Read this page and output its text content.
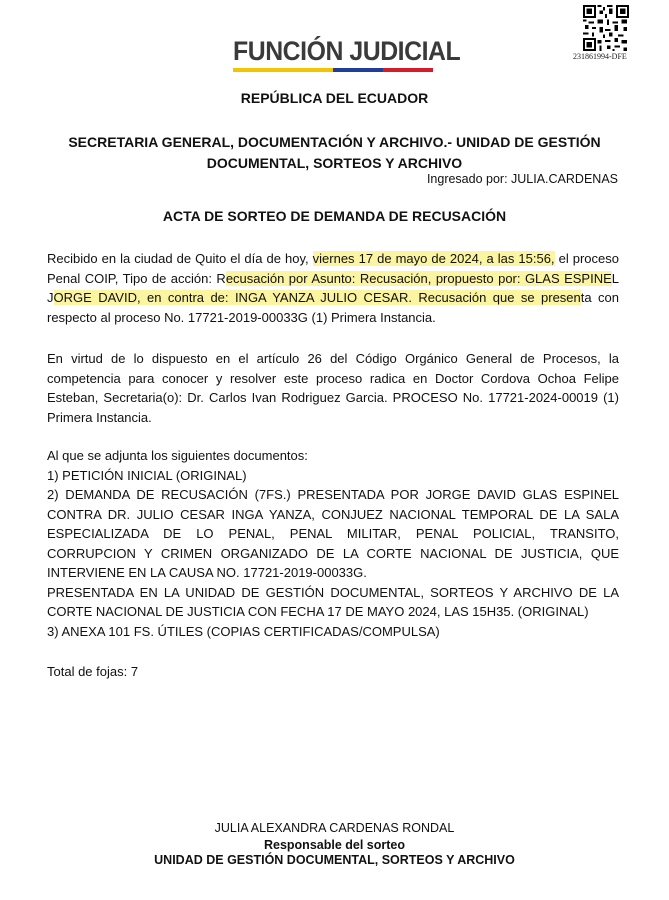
FUNCIÓN JUDICIAL	231861994-DFE
REPÚBLICA DEL ECUADOR
SECRETARIA GENERAL, DOCUMENTACIÓN Y ARCHIVO.- UNIDAD DE GESTIÓN
DOCUMENTAL, SORTEOS Y ARCHIVO
Ingresado por: JULIA.CARDENAS
ACTA DE SORTEO DE DEMANDA DE RECUSACIÓN
Recibido en la ciudad de Quito el día de hoy, viernes 17 de mayo de 2024, a las 15:56, el proceso Penal COIP, Tipo de acción: Recusación por Asunto: Recusación, propuesto por: GLAS ESPINEL JORGE DAVID, en contra de: INGA YANZA JULIO CESAR. Recusación que se presenta con respecto al proceso No. 17721-2019-00033G (1) Primera Instancia.
En virtud de lo dispuesto en el artículo 26 del Código Orgánico General de Procesos, la competencia para conocer y resolver este proceso radica en Doctor Cordova Ochoa Felipe Esteban, Secretaria(o): Dr. Carlos Ivan Rodriguez Garcia. PROCESO No. 17721-2024-00019 (1) Primera Instancia.
Al que se adjunta los siguientes documentos:
1) PETICIÓN INICIAL (ORIGINAL)
2) DEMANDA DE RECUSACIÓN (7FS.) PRESENTADA POR JORGE DAVID GLAS ESPINEL
CONTRA DR. JULIO CESAR INGA YANZA, CONJUEZ NACIONAL TEMPORAL DE LA SALA
ESPECIALIZADA DE LO PENAL, PENAL MILITAR, PENAL POLICIAL, TRANSITO,
CORRUPCION Y CRIMEN ORGANIZADO DE LA CORTE NACIONAL DE JUSTICIA, QUE
INTERVIENE EN LA CAUSA NO. 17721-2019-00033G.
PRESENTADA EN LA UNIDAD DE GESTIÓN DOCUMENTAL, SORTEOS Y ARCHIVO DE LA
CORTE NACIONAL DE JUSTICIA CON FECHA 17 DE MAYO 2024, LAS 15H35. (ORIGINAL)
3) ANEXA 101 FS. ÚTILES (COPIAS CERTIFICADAS/COMPULSA)
Total de fojas: 7
JULIA ALEXANDRA CARDENAS RONDAL
Responsable del sorteo
UNIDAD DE GESTIÓN DOCUMENTAL, SORTEOS Y ARCHIVO
